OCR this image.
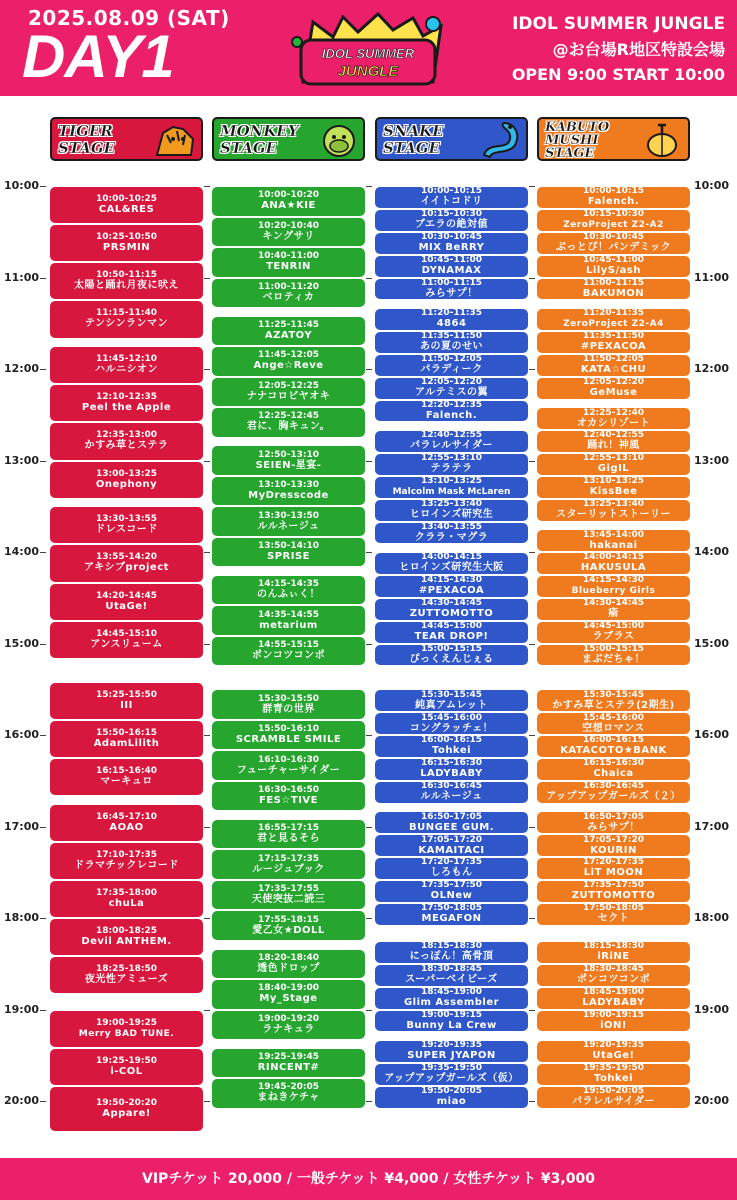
2025.08.09 (SAT)
DAY1	IDOL SUMMER
JUNGLE
IDOL SUMMER JUNGLE
@お台場R地区特設会場
OPEN 9:00 START 10:00
TIGER
STAGE
MONKEY
STAGE
SNAKE
STAGE
KABUTO
MUSHI
STAGE
10:00	10:00
11:00	11:00
12:00	12:00
13:00	13:00
14:00	14:00
15:00	15:00
16:00	16:00
17:00	17:00
18:00	18:00
19:00	19:00
20:00	20:00
10:00-10:25
CAL&RES
10:25-10:50
PRSMIN
10:50-11:15
太陽と踊れ月夜に吠え
11:15-11:40
テンシンランマン
11:45-12:10
ハルニシオン
12:10-12:35
Peel the Apple
12:35-13:00
かすみ草とステラ
13:00-13:25
Onephony
13:30-13:55
ドレスコード
13:55-14:20
アキシブproject
14:20-14:45
UtaGe!
14:45-15:10
アンスリューム
15:25-15:50
III
15:50-16:15
AdamLilith
16:15-16:40
マーキュロ
16:45-17:10
AOAO
17:10-17:35
ドラマチックレコード
17:35-18:00
chuLa
18:00-18:25
Devil ANTHEM.
18:25-18:50
夜光性アミューズ
19:00-19:25
Merry BAD TUNE.
19:25-19:50
i-COL
19:50-20:20
Appare!
10:00-10:20
ANA★KIE
10:20-10:40
キングサリ
10:40-11:00
TENRIN
11:00-11:20
ベロティカ
11:25-11:45
AZATOY
11:45-12:05
Ange☆Reve
12:05-12:25
ナナコロビヤオキ
12:25-12:45
君に、胸キュン。
12:50-13:10
SEIEN-星宴-
13:10-13:30
MyDresscode
13:30-13:50
ルルネージュ
13:50-14:10
SPRISE
14:15-14:35
のんふぃく！
14:35-14:55
metarium
14:55-15:15
ポンコツコンポ
15:30-15:50
群青の世界
15:50-16:10
SCRAMBLE SMILE
16:10-16:30
フューチャーサイダー
16:30-16:50
FES☆TIVE
16:55-17:15
君と見るそら
17:15-17:35
ルージュブック
17:35-17:55
天使突抜二読三
17:55-18:15
愛乙女★DOLL
18:20-18:40
透色ドロップ
18:40-19:00
My_Stage
19:00-19:20
ラナキュラ
19:25-19:45
RINCENT#
19:45-20:05
まねきケチャ
10:00-10:15
イイトコドリ
10:15-10:30
ブエラの絶対値
10:30-10:45
MIX BeRRY
10:45-11:00
DYNAMAX
11:00-11:15
みらサプ！
11:20-11:35
4864
11:35-11:50
あの夏のせい
11:50-12:05
パラディーク
12:05-12:20
アルテミスの翼
12:20-12:35
Falench.
12:40-12:55
パラレルサイダー
12:55-13:10
テラテラ
13:10-13:25
Malcolm Mask McLaren
13:25-13:40
ヒロインズ研究生
13:40-13:55
クララ・マグラ
14:00-14:15
ヒロインズ研究生大阪
14:15-14:30
#PEXACOA
14:30-14:45
ZUTTOMOTTO
14:45-15:00
TEAR DROP!
15:00-15:15
ぴっくえんじぇる
15:30-15:45
純真アムレット
15:45-16:00
コングラッチェ！
16:00-16:15
Tohkei
16:15-16:30
LADYBABY
16:30-16:45
ルルネージュ
16:50-17:05
BUNGEE GUM.
17:05-17:20
KAMAITACI
17:20-17:35
しろもん
17:35-17:50
OLNew
17:50-18:05
MEGAFON
18:15-18:30
にっぽん！高骨頂
18:30-18:45
スーパーベイビーズ
18:45-19:00
Glim Assembler
19:00-19:15
Bunny La Crew
19:20-19:35
SUPER JYAPON
19:35-19:50
アップアップガールズ（仮）
19:50-20:05
miao
10:00-10:15
Falench.
10:15-10:30
ZeroProject Z2-A2
10:30-10:45
ぷっとぴ！パンデミック
10:45-11:00
LilyS/ash
11:00-11:15
BAKUMON
11:20-11:35
ZeroProject Z2-A4
11:35-11:50
#PEXACOA
11:50-12:05
KATA☆CHU
12:05-12:20
GeMuse
12:25-12:40
オカシリゾート
12:40-12:55
踊れ！神風
12:55-13:10
GigIL
13:10-13:25
KissBee
13:25-13:40
スターリットストーリー
13:45-14:00
hakanai
14:00-14:15
HAKUSULA
14:15-14:30
Blueberry Girls
14:30-14:45
瘉
14:45-15:00
ラブラス
15:00-15:15
まぶだちゃ！
15:30-15:45
かすみ草とステラ(2期生)
15:45-16:00
空想ロマンス
16:00-16:15
KATACOTO★BANK
16:15-16:30
Chaica
16:30-16:45
アップアップガールズ（２）
16:50-17:05
みらサプ！
17:05-17:20
KOURIN
17:20-17:35
LiT MOON
17:35-17:50
ZUTTOMOTTO
17:50-18:05
セクト
18:15-18:30
iRiNE
18:30-18:45
ポンコツコンポ
18:45-19:00
LADYBABY
19:00-19:15
iON!
19:20-19:35
UtaGe!
19:35-19:50
Tohkei
19:50-20:05
パラレルサイダー
VIPチケット 20,000 / 一般チケット ¥4,000 / 女性チケット ¥3,000
